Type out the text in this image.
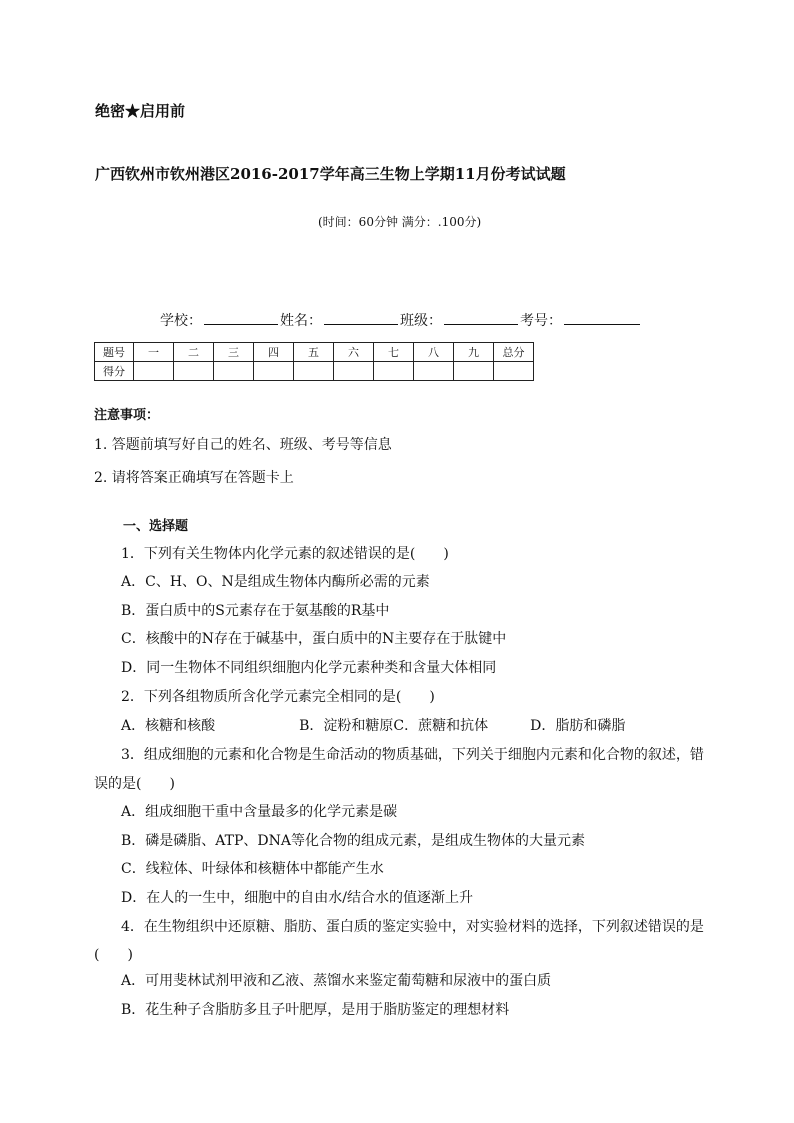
绝密★启用前
广西钦州市钦州港区2016-2017学年高三生物上学期11月份考试试题
(时间：60分钟 满分：.100分)
学校：	姓名：	班级：	考号：
题号	一	二	三	四	五	六	七	八	九	总分
得分										
注意事项：
1. 答题前填写好自己的姓名、班级、考号等信息
2. 请将答案正确填写在答题卡上
一、选择题
1．下列有关生物体内化学元素的叙述错误的是(　　)
A．C、H、O、N是组成生物体内酶所必需的元素
B．蛋白质中的S元素存在于氨基酸的R基中
C．核酸中的N存在于碱基中，蛋白质中的N主要存在于肽键中
D．同一生物体不同组织细胞内化学元素种类和含量大体相同
2．下列各组物质所含化学元素完全相同的是(　　)
A．核糖和核酸　　　　　　B．淀粉和糖原C．蔗糖和抗体　　　D．脂肪和磷脂
3．组成细胞的元素和化合物是生命活动的物质基础，下列关于细胞内元素和化合物的叙述，错
误的是(　　)
A．组成细胞干重中含量最多的化学元素是碳
B．磷是磷脂、ATP、DNA等化合物的组成元素，是组成生物体的大量元素
C．线粒体、叶绿体和核糖体中都能产生水
D．在人的一生中，细胞中的自由水/结合水的值逐渐上升
4．在生物组织中还原糖、脂肪、蛋白质的鉴定实验中，对实验材料的选择，下列叙述错误的是
(　　)
A．可用斐林试剂甲液和乙液、蒸馏水来鉴定葡萄糖和尿液中的蛋白质
B．花生种子含脂肪多且子叶肥厚，是用于脂肪鉴定的理想材料
